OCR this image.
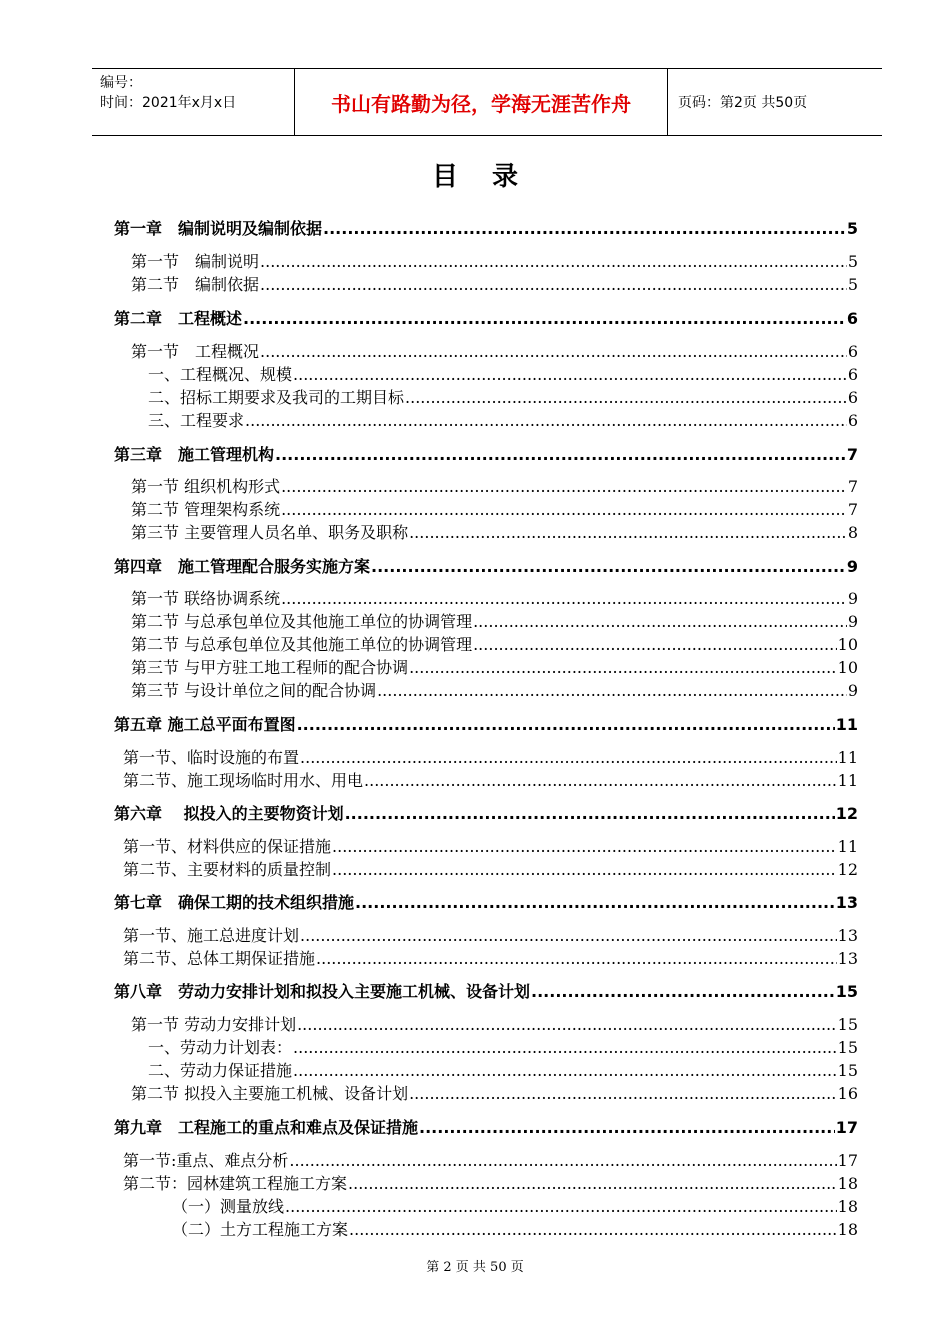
编号：
时间：2021年x月x日	书山有路勤为径，学海无涯苦作舟	页码：第2页 共50页
目录
第一章　编制说明及编制依据 .....	5
第一节　编制说明 .....	5
第二节　编制依据 .....	5
第二章　工程概述 .....	6
第一节　工程概况 .....	6
一、工程概况、规模 .....	6
二、招标工期要求及我司的工期目标 .....	6
三、工程要求 .....	6
第三章　施工管理机构 .....	7
第一节 组织机构形式 .....	7
第二节 管理架构系统 .....	7
第三节 主要管理人员名单、职务及职称 .....	8
第四章　施工管理配合服务实施方案 .....	9
第一节 联络协调系统 .....	9
第二节 与总承包单位及其他施工单位的协调管理 .....	9
第二节 与总承包单位及其他施工单位的协调管理 .....	10
第三节 与甲方驻工地工程师的配合协调 .....	10
第三节 与设计单位之间的配合协调 .....	9
第五章 施工总平面布置图 .....	11
第一节、临时设施的布置 .....	11
第二节、施工现场临时用水、用电 .....	11
第六章　 拟投入的主要物资计划 .....	12
第一节、材料供应的保证措施 .....	11
第二节、主要材料的质量控制 .....	12
第七章　确保工期的技术组织措施 .....	13
第一节、施工总进度计划 .....	13
第二节、总体工期保证措施 .....	13
第八章　劳动力安排计划和拟投入主要施工机械、设备计划 .....	15
第一节 劳动力安排计划 .....	15
一、劳动力计划表： .....	15
二、劳动力保证措施 .....	15
第二节 拟投入主要施工机械、设备计划 .....	16
第九章　工程施工的重点和难点及保证措施 .....	17
第一节:重点、难点分析 .....	17
第二节：园林建筑工程施工方案 .....	18
（一）测量放线 .....	18
（二）土方工程施工方案 .....	18
第 2 页 共 50 页
